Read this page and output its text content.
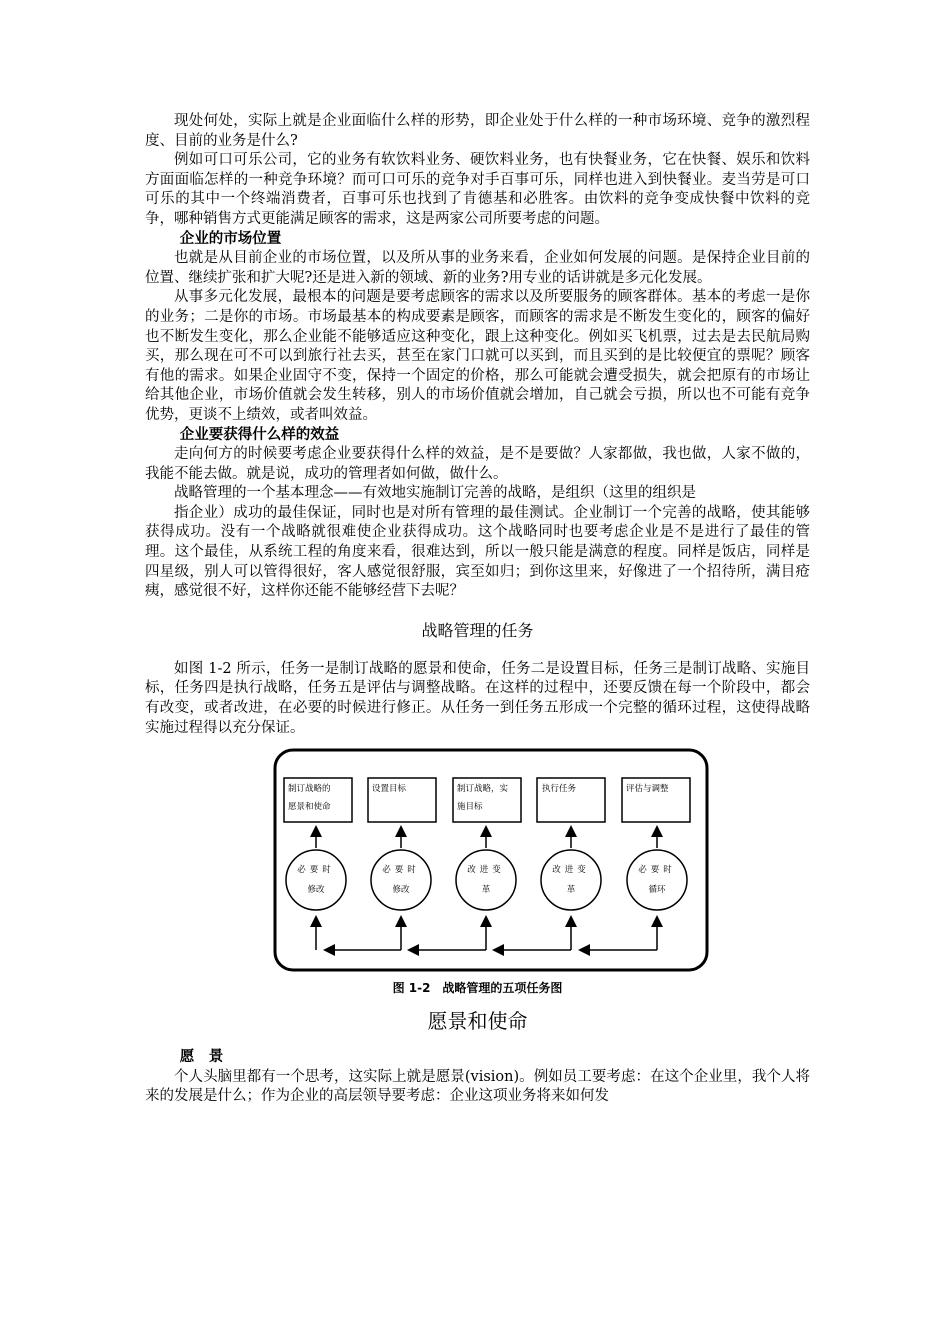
现处何处，实际上就是企业面临什么样的形势，即企业处于什么样的一种市场环境、竞争的激烈程度、目前的业务是什么?

例如可口可乐公司，它的业务有软饮料业务、硬饮料业务，也有快餐业务，它在快餐、娱乐和饮料方面面临怎样的一种竞争环境？而可口可乐的竞争对手百事可乐，同样也进入到快餐业。麦当劳是可口可乐的其中一个终端消费者，百事可乐也找到了肯德基和必胜客。由饮料的竞争变成快餐中饮料的竞争，哪种销售方式更能满足顾客的需求，这是两家公司所要考虑的问题。

企业的市场位置

也就是从目前企业的市场位置，以及所从事的业务来看，企业如何发展的问题。是保持企业目前的位置、继续扩张和扩大呢?还是进入新的领域、新的业务?用专业的话讲就是多元化发展。

从事多元化发展，最根本的问题是要考虑顾客的需求以及所要服务的顾客群体。基本的考虑一是你的业务；二是你的市场。市场最基本的构成要素是顾客，而顾客的需求是不断发生变化的，顾客的偏好也不断发生变化，那么企业能不能够适应这种变化，跟上这种变化。例如买飞机票，过去是去民航局购买，那么现在可不可以到旅行社去买，甚至在家门口就可以买到，而且买到的是比较便宜的票呢？顾客有他的需求。如果企业固守不变，保持一个固定的价格，那么可能就会遭受损失，就会把原有的市场让给其他企业，市场价值就会发生转移，别人的市场价值就会增加，自己就会亏损，所以也不可能有竞争优势，更谈不上绩效，或者叫效益。

企业要获得什么样的效益

走向何方的时候要考虑企业要获得什么样的效益，是不是要做？人家都做，我也做，人家不做的，我能不能去做。就是说，成功的管理者如何做，做什么。

战略管理的一个基本理念——有效地实施制订完善的战略，是组织（这里的组织是

指企业）成功的最佳保证，同时也是对所有管理的最佳测试。企业制订一个完善的战略，使其能够获得成功。没有一个战略就很难使企业获得成功。这个战略同时也要考虑企业是不是进行了最佳的管理。这个最佳，从系统工程的角度来看，很难达到，所以一般只能是满意的程度。同样是饭店，同样是四星级，别人可以管得很好，客人感觉很舒服，宾至如归；到你这里来，好像进了一个招待所，满目疮痍，感觉很不好，这样你还能不能够经营下去呢？

战略管理的任务

如图 1-2 所示，任务一是制订战略的愿景和使命，任务二是设置目标，任务三是制订战略、实施目标，任务四是执行战略，任务五是评估与调整战略。在这样的过程中，还要反馈在每一个阶段中，都会有改变，或者改进，在必要的时候进行修正。从任务一到任务五形成一个完整的循环过程，这使得战略实施过程得以充分保证。

制订战略的
愿景和使命
设置目标	制订战略，实
施目标
执行任务	评估与调整
必要时
修改
必要时
修改
改进变
革
改进变
革
必要时
循环

图 1-2　战略管理的五项任务图

愿景和使命

愿　景

个人头脑里都有一个思考，这实际上就是愿景(vision)。例如员工要考虑：在这个企业里，我个人将来的发展是什么；作为企业的高层领导要考虑：企业这项业务将来如何发
